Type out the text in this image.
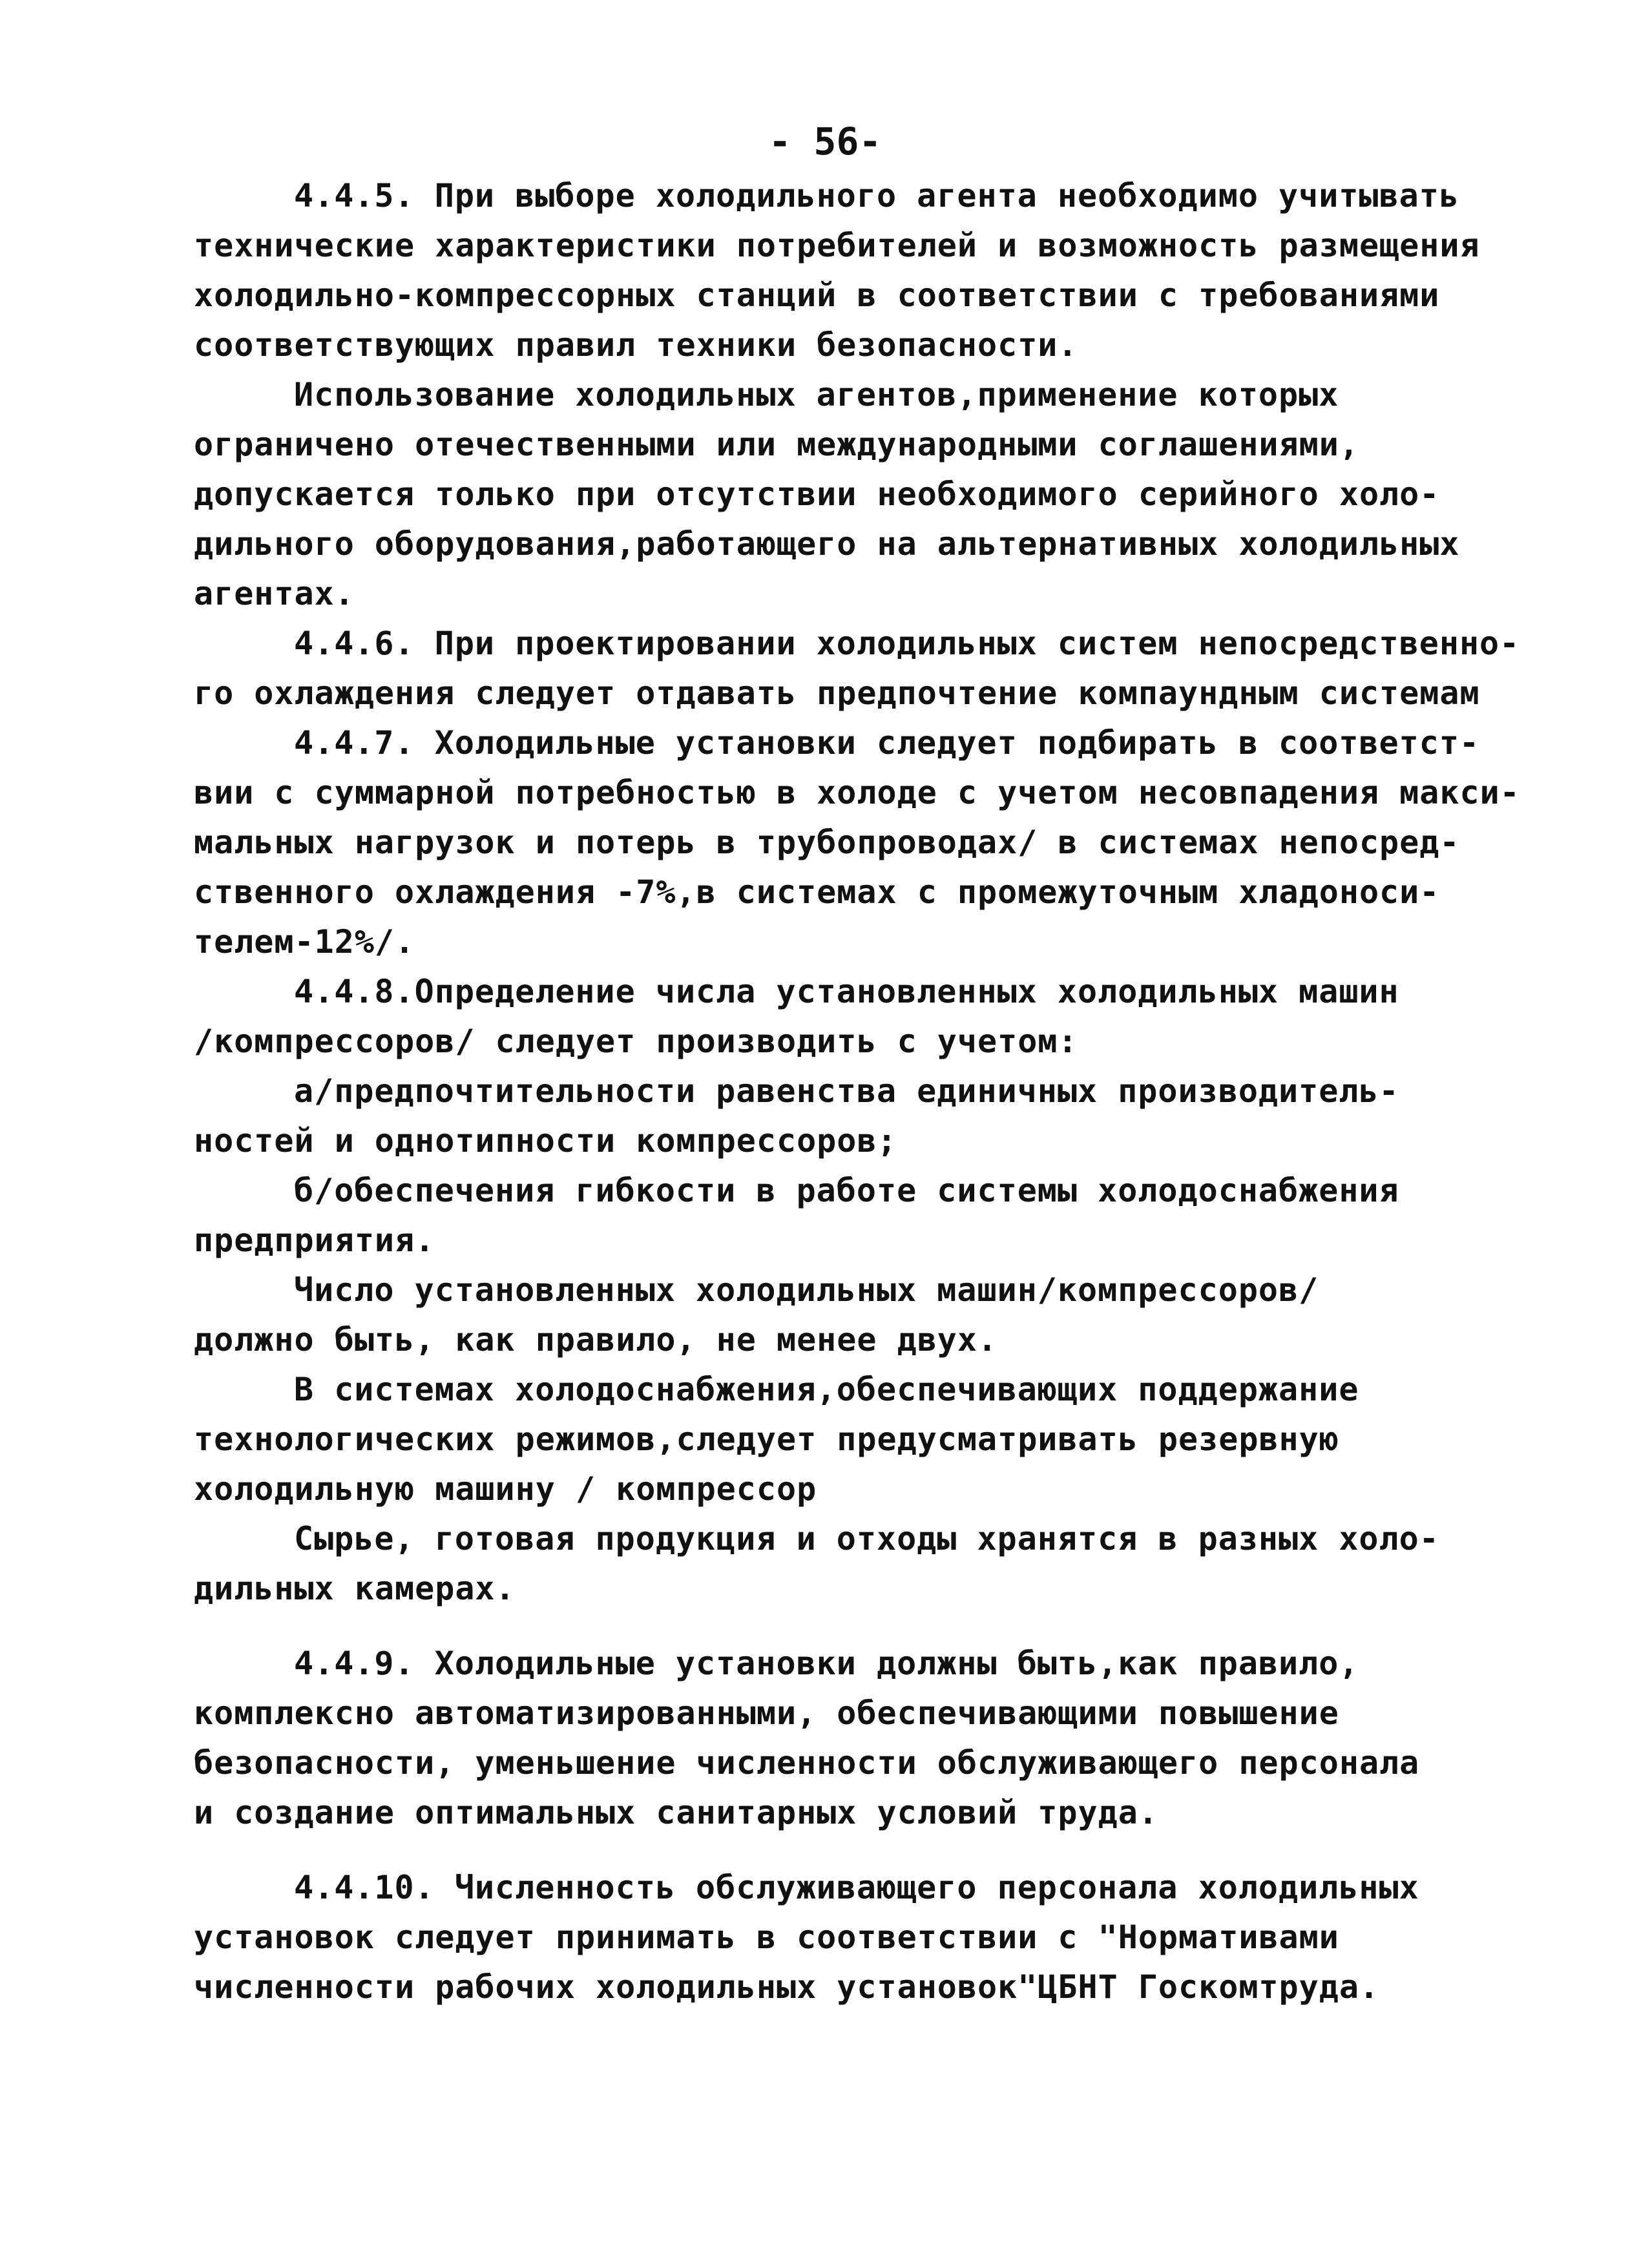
- 56-
4.4.5. При выборе холодильного агента необходимо учитывать
технические характеристики потребителей и возможность размещения
холодильно-компрессорных станций в соответствии с требованиями
соответствующих правил техники безопасности.
Использование холодильных агентов,применение которых
ограничено отечественными или международными соглашениями,
допускается только при отсутствии необходимого серийного холо-
дильного оборудования,работающего на альтернативных холодильных
агентах.
4.4.6. При проектировании холодильных систем непосредственно-
го охлаждения следует отдавать предпочтение компаундным системам
4.4.7. Холодильные установки следует подбирать в соответст-
вии с суммарной потребностью в холоде с учетом несовпадения макси-
мальных нагрузок и потерь в трубопроводах/ в системах непосред-
ственного охлаждения -7%,в системах с промежуточным хладоноси-
телем-12%/.
4.4.8.Определение числа установленных холодильных машин
/компрессоров/ следует производить с учетом:
а/предпочтительности равенства единичных производитель-
ностей и однотипности компрессоров;
б/обеспечения гибкости в работе системы холодоснабжения
предприятия.
Число установленных холодильных машин/компрессоров/
должно быть, как правило, не менее двух.
В системах холодоснабжения,обеспечивающих поддержание
технологических режимов,следует предусматривать резервную
холодильную машину / компрессор
Сырье, готовая продукция и отходы хранятся в разных холо-
дильных камерах.
4.4.9. Холодильные установки должны быть,как правило,
комплексно автоматизированными, обеспечивающими повышение
безопасности, уменьшение численности обслуживающего персонала
и создание оптимальных санитарных условий труда.
4.4.10. Численность обслуживающего персонала холодильных
установок следует принимать в соответствии с "Нормативами
численности рабочих холодильных установок"ЦБНТ Госкомтруда.
